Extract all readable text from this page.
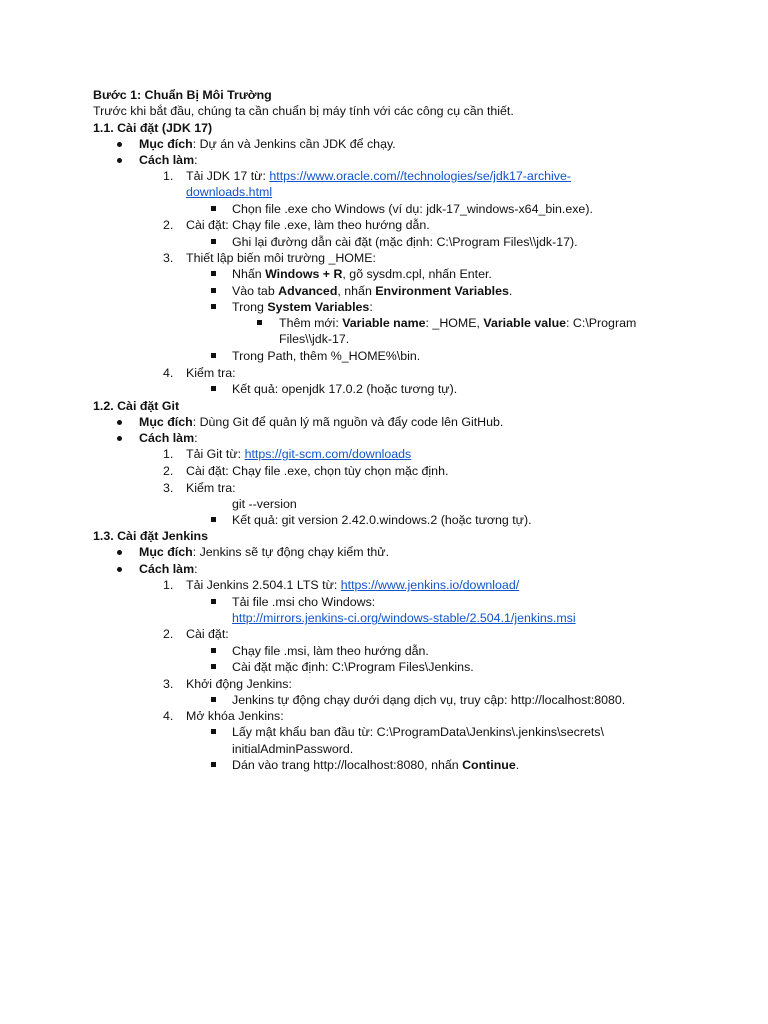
Bước 1: Chuẩn Bị Môi Trường
Trước khi bắt đầu, chúng ta cần chuẩn bị máy tính với các công cụ cần thiết.
1.1. Cài đặt (JDK 17)
Mục đích: Dự án và Jenkins cần JDK để chạy.
Cách làm:
1. Tải JDK 17 từ: https://www.oracle.com//technologies/se/jdk17-archive-
downloads.html
Chọn file .exe cho Windows (ví dụ: jdk-17_windows-x64_bin.exe).
2. Cài đặt: Chạy file .exe, làm theo hướng dẫn.
Ghi lại đường dẫn cài đặt (mặc định: C:\Program Files\\jdk-17).
3. Thiết lập biến môi trường _HOME:
Nhấn Windows + R, gõ sysdm.cpl, nhấn Enter.
Vào tab Advanced, nhấn Environment Variables.
Trong System Variables:
Thêm mới: Variable name: _HOME, Variable value: C:\Program
Files\\jdk-17.
Trong Path, thêm %_HOME%\bin.
4. Kiểm tra:
Kết quả: openjdk 17.0.2 (hoặc tương tự).
1.2. Cài đặt Git
Mục đích: Dùng Git để quản lý mã nguồn và đẩy code lên GitHub.
Cách làm:
1. Tải Git từ: https://git-scm.com/downloads
2. Cài đặt: Chạy file .exe, chọn tùy chọn mặc định.
3. Kiểm tra:
git --version
Kết quả: git version 2.42.0.windows.2 (hoặc tương tự).
1.3. Cài đặt Jenkins
Mục đích: Jenkins sẽ tự động chạy kiểm thử.
Cách làm:
1. Tải Jenkins 2.504.1 LTS từ: https://www.jenkins.io/download/
Tải file .msi cho Windows:
http://mirrors.jenkins-ci.org/windows-stable/2.504.1/jenkins.msi
2. Cài đặt:
Chạy file .msi, làm theo hướng dẫn.
Cài đặt mặc định: C:\Program Files\Jenkins.
3. Khởi động Jenkins:
Jenkins tự động chạy dưới dạng dịch vụ, truy cập: http://localhost:8080.
4. Mở khóa Jenkins:
Lấy mật khẩu ban đầu từ: C:\ProgramData\Jenkins\.jenkins\secrets\
initialAdminPassword.
Dán vào trang http://localhost:8080, nhấn Continue.
